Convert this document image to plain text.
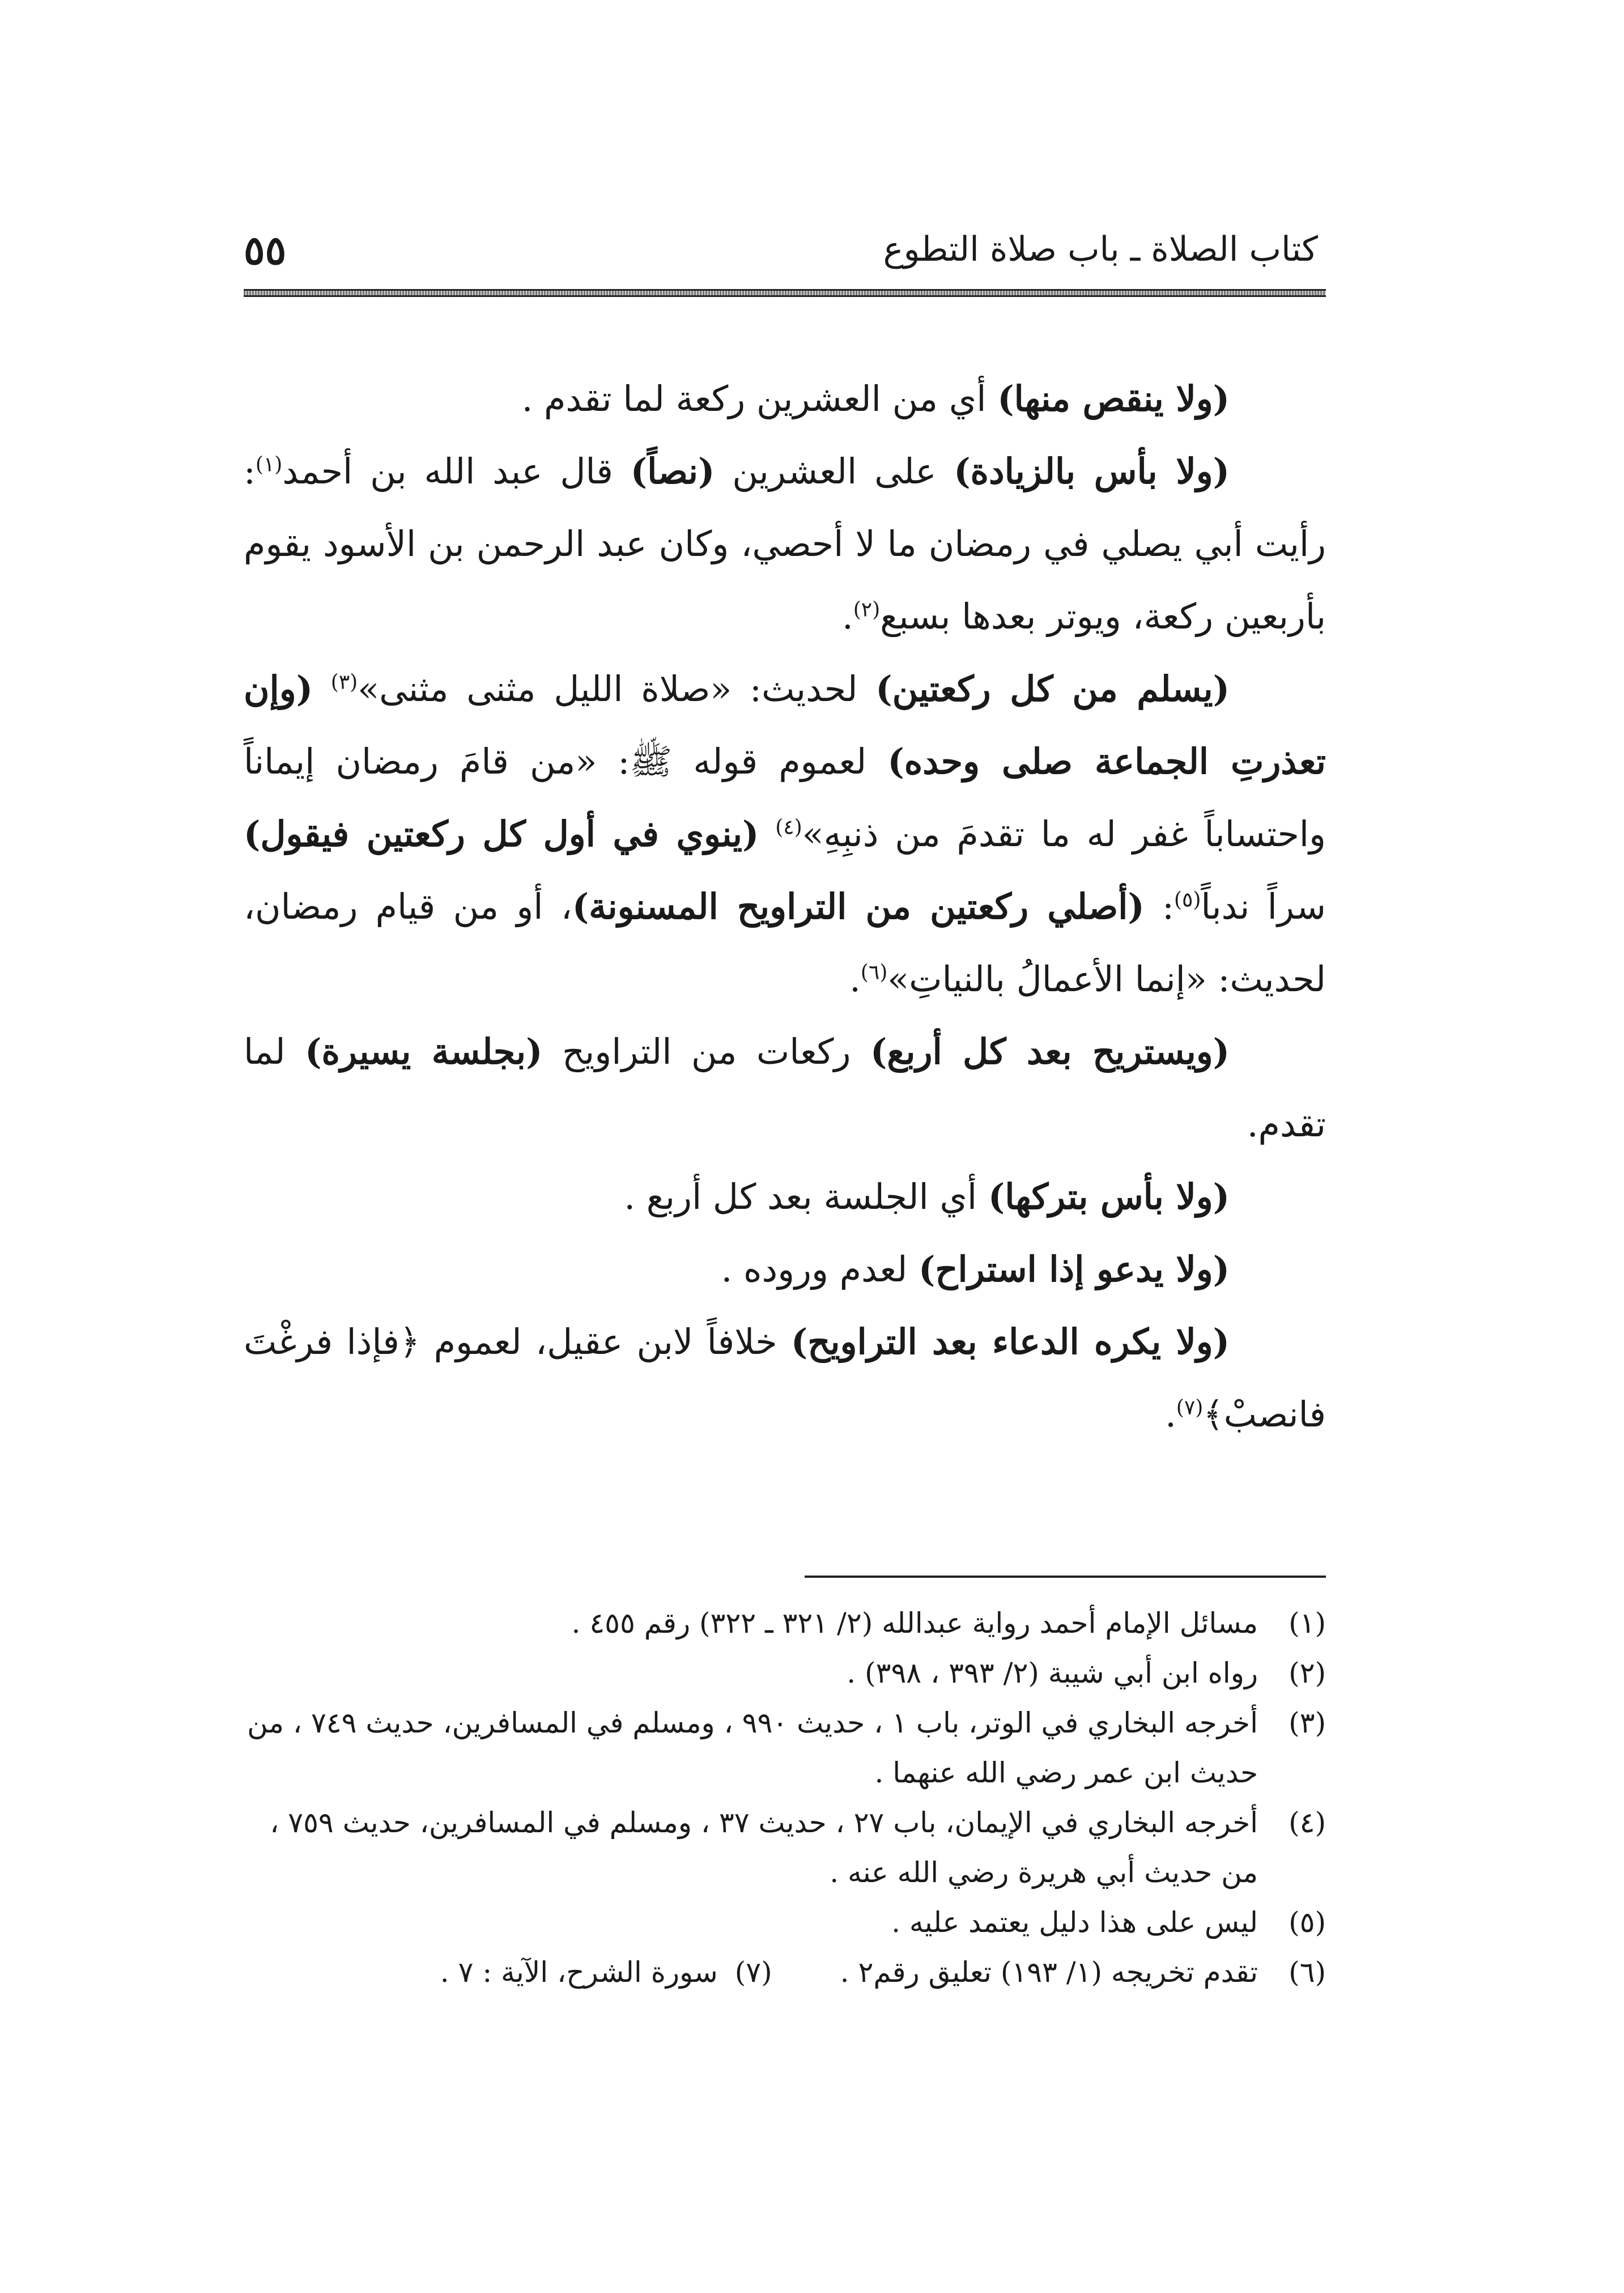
كتاب الصلاة ـ باب صلاة التطوع
٥٥

(ولا ينقص منها) أي من العشرين ركعة لما تقدم .

(ولا بأس بالزيادة) على العشرين (نصاً) قال عبد الله بن أحمد$^{(١)}$: رأيت أبي يصلي في رمضان ما لا أحصي، وكان عبد الرحمن بن الأسود يقوم بأربعين ركعة، ويوتر بعدها بسبع$^{(٢)}$.

(يسلم من كل ركعتين) لحديث: «صلاة الليل مثنى مثنى»$^{(٣)}$ (وإن تعذرتِ الجماعة صلى وحده) لعموم قوله ﷺ: «من قامَ رمضان إيماناً واحتساباً غفر له ما تقدمَ من ذنبِهِ»$^{(٤)}$ (ينوي في أول كل ركعتين فيقول) سراً ندباً$^{(٥)}$: (أصلي ركعتين من التراويح المسنونة)، أو من قيام رمضان، لحديث: «إنما الأعمالُ بالنياتِ»$^{(٦)}$.

(ويستريح بعد كل أربع) ركعات من التراويح (بجلسة يسيرة) لما تقدم.

(ولا بأس بتركها) أي الجلسة بعد كل أربع .

(ولا يدعو إذا استراح) لعدم وروده .

(ولا يكره الدعاء بعد التراويح) خلافاً لابن عقيل، لعموم ﴿فإذا فرغْتَ فانصبْ﴾$^{(٧)}$.

(١)
مسائل الإمام أحمد رواية عبدالله (٢/ ٣٢١ ـ ٣٢٢) رقم ٤٥٥ .

(٢)
رواه ابن أبي شيبة (٢/ ٣٩٣ ، ٣٩٨) .

(٣)
أخرجه البخاري في الوتر، باب ١ ، حديث ٩٩٠ ، ومسلم في المسافرين، حديث ٧٤٩ ، من حديث ابن عمر رضي الله عنهما .

(٤)
أخرجه البخاري في الإيمان، باب ٢٧ ، حديث ٣٧ ، ومسلم في المسافرين، حديث ٧٥٩ ، من حديث أبي هريرة رضي الله عنه .

(٥)
ليس على هذا دليل يعتمد عليه .

(٦)
تقدم تخريجه (١/ ١٩٣) تعليق رقم٢ .
(٧)
سورة الشرح، الآية : ٧ .
